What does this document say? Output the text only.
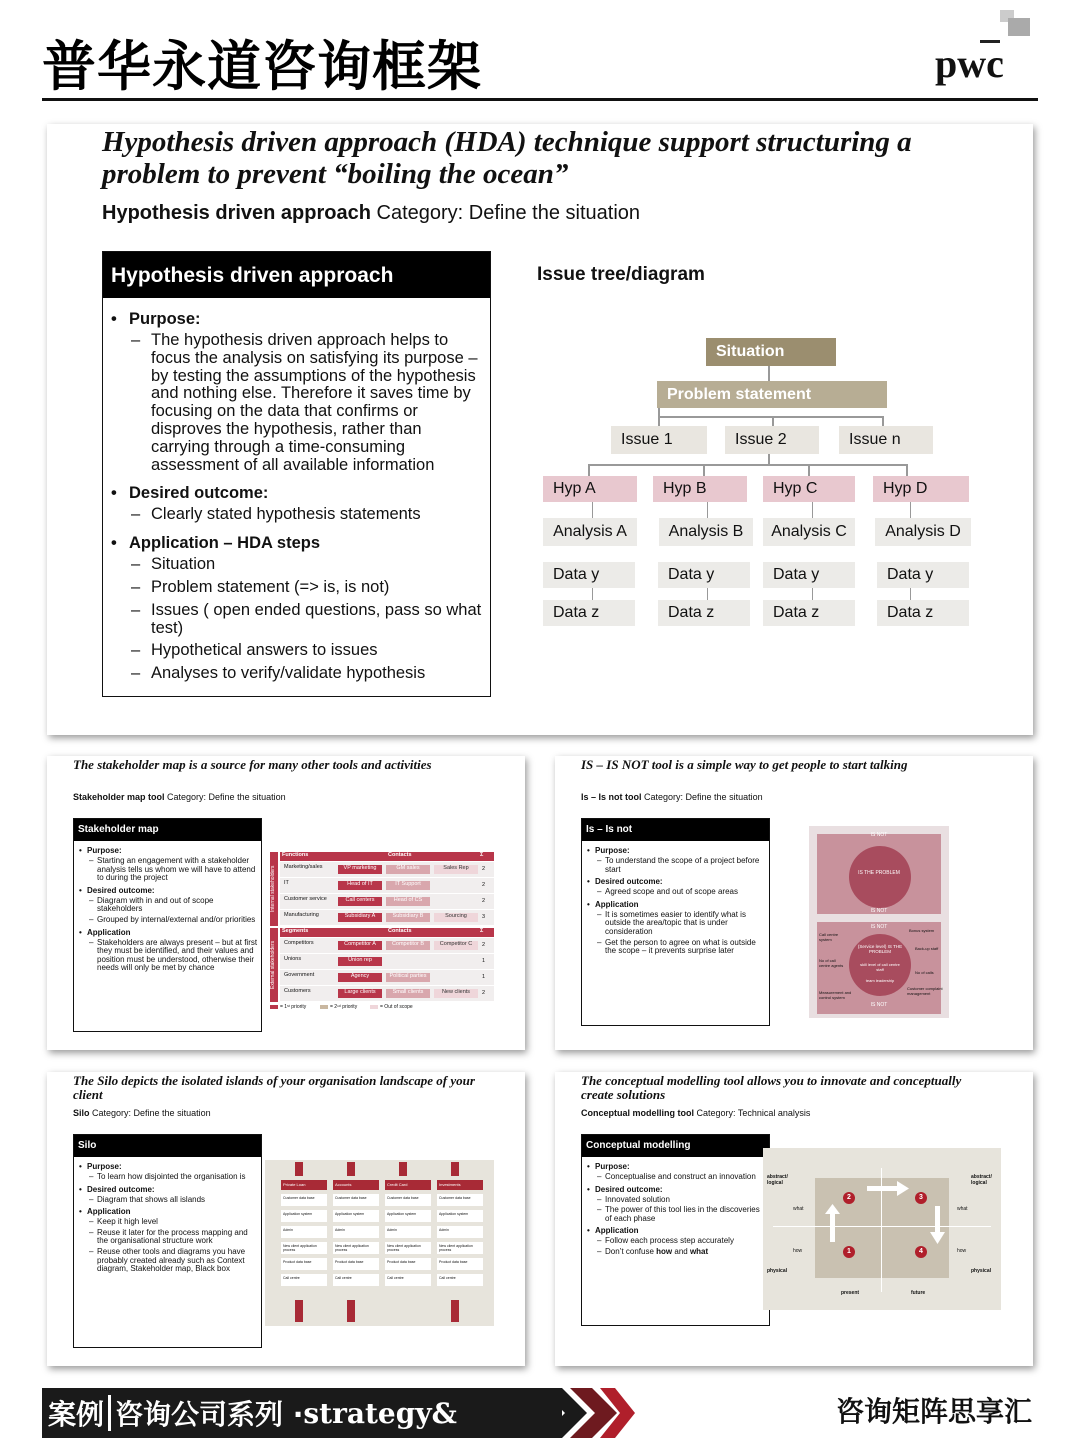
普华永道咨询框架	pwc
Hypothesis driven approach (HDA) technique support structuring a problem to prevent “boiling the ocean”
Hypothesis driven approach Category: Define the situation
Hypothesis driven approach
• Purpose:
– The hypothesis driven approach helps to focus the analysis on satisfying its purpose – by testing the assumptions of the hypothesis and nothing else. Therefore it saves time by focusing on the data that confirms or disproves the hypothesis, rather than carrying through a time-consuming assessment of all available information
• Desired outcome:
– Clearly stated hypothesis statements
• Application – HDA steps
– Situation
– Problem statement (=> is, is not)
– Issues ( open ended questions, pass so what test)
– Hypothetical answers to issues
– Analyses to verify/validate hypothesis
Issue tree/diagram
Situation
Problem statement
Issue 1	Issue 2	Issue n
Hyp A	Hyp B	Hyp C	Hyp D
Analysis A	Analysis B	Analysis C	Analysis D
Data y	Data y	Data y	Data y
Data z	Data z	Data z	Data z
The stakeholder map is a source for many other tools and activities
Stakeholder map tool Category: Define the situation
Stakeholder map
• Purpose:
– Starting an engagement with a stakeholder analysis tells us whom we will have to attend to during the project
• Desired outcome:
– Diagram with in and out of scope stakeholders
– Grouped by internal/external and/or priorities
• Application
– Stakeholders are always present – but at first they must be identified, and their values and position must be understood, otherwise their needs will only be met by chance
Internal stakeholders
External stakeholders
Functions	Contacts	Σ
Marketing/sales	VP marketing	GM sales	Sales Rep	2
IT	Head of IT	IT Support	2
Customer service	Call centers	Head of CS	2
Manufacturing	Subsidiary A	Subsidiary B	Sourcing	3
Segments	Contacts	Σ
Competitors	Competitor A	Competitor B	Competitor C	2
Unions	Union rep	1
Government	Agency	Political parties	1
Customers	Large clients	Small clients	New clients	2
= 1ˢᵗ priority	= 2ⁿᵈ priority	= Out of scope
IS – IS NOT tool is a simple way to get people to start talking
Is – Is not tool Category: Define the situation
Is – Is not
• Purpose:
– To understand the scope of a project before start
• Desired outcome:
– Agreed scope and out of scope areas
• Application
– It is sometimes easier to identify what is outside the area/topic that is under consideration
– Get the person to agree on what is outside the scope – it prevents surprise later
IS NOT
IS THE PROBLEM
IS NOT
IS NOT
(Service level) IS THE PROBLEM
skill level of call centre staff
team leadership
Call centre system
Bonus system
Back-up staff
No of call centre agents
No of calls
Measurement and control system
Customer complaint management
IS NOT
The Silo depicts the isolated islands of your organisation landscape of your client
Silo Category: Define the situation
Silo
• Purpose:
– To learn how disjointed the organisation is
• Desired outcome:
– Diagram that shows all islands
• Application
– Keep it high level
– Reuse it later for the process mapping and the organisational structure work
– Reuse other tools and diagrams you have probably created already such as Context diagram, Stakeholder map, Black box
Private Loan
Customer data base
Application system
Admin
New client application process
Product data base
Call centre
Accounts
Customer data base
Application system
Admin
New client application process
Product data base
Call centre
Credit Card
Customer data base
Application system
Admin
New client application process
Product data base
Call centre
Investments
Customer data base
Application system
Admin
New client application process
Product data base
Call centre
The conceptual modelling tool allows you to innovate and conceptually create solutions
Conceptual modelling tool Category: Technical analysis
Conceptual modelling
• Purpose:
– Conceptualise and construct an innovation
• Desired outcome:
– Innovated solution
– The power of this tool lies in the discoveries of each phase
• Application
– Follow each process step accurately
– Don’t confuse how and what
abstract/ logical
abstract/ logical
what	what
how	how
physical	physical
present	future
1
2	3
4
案例 咨询公司系列 · strategy&	咨询矩阵思享汇
